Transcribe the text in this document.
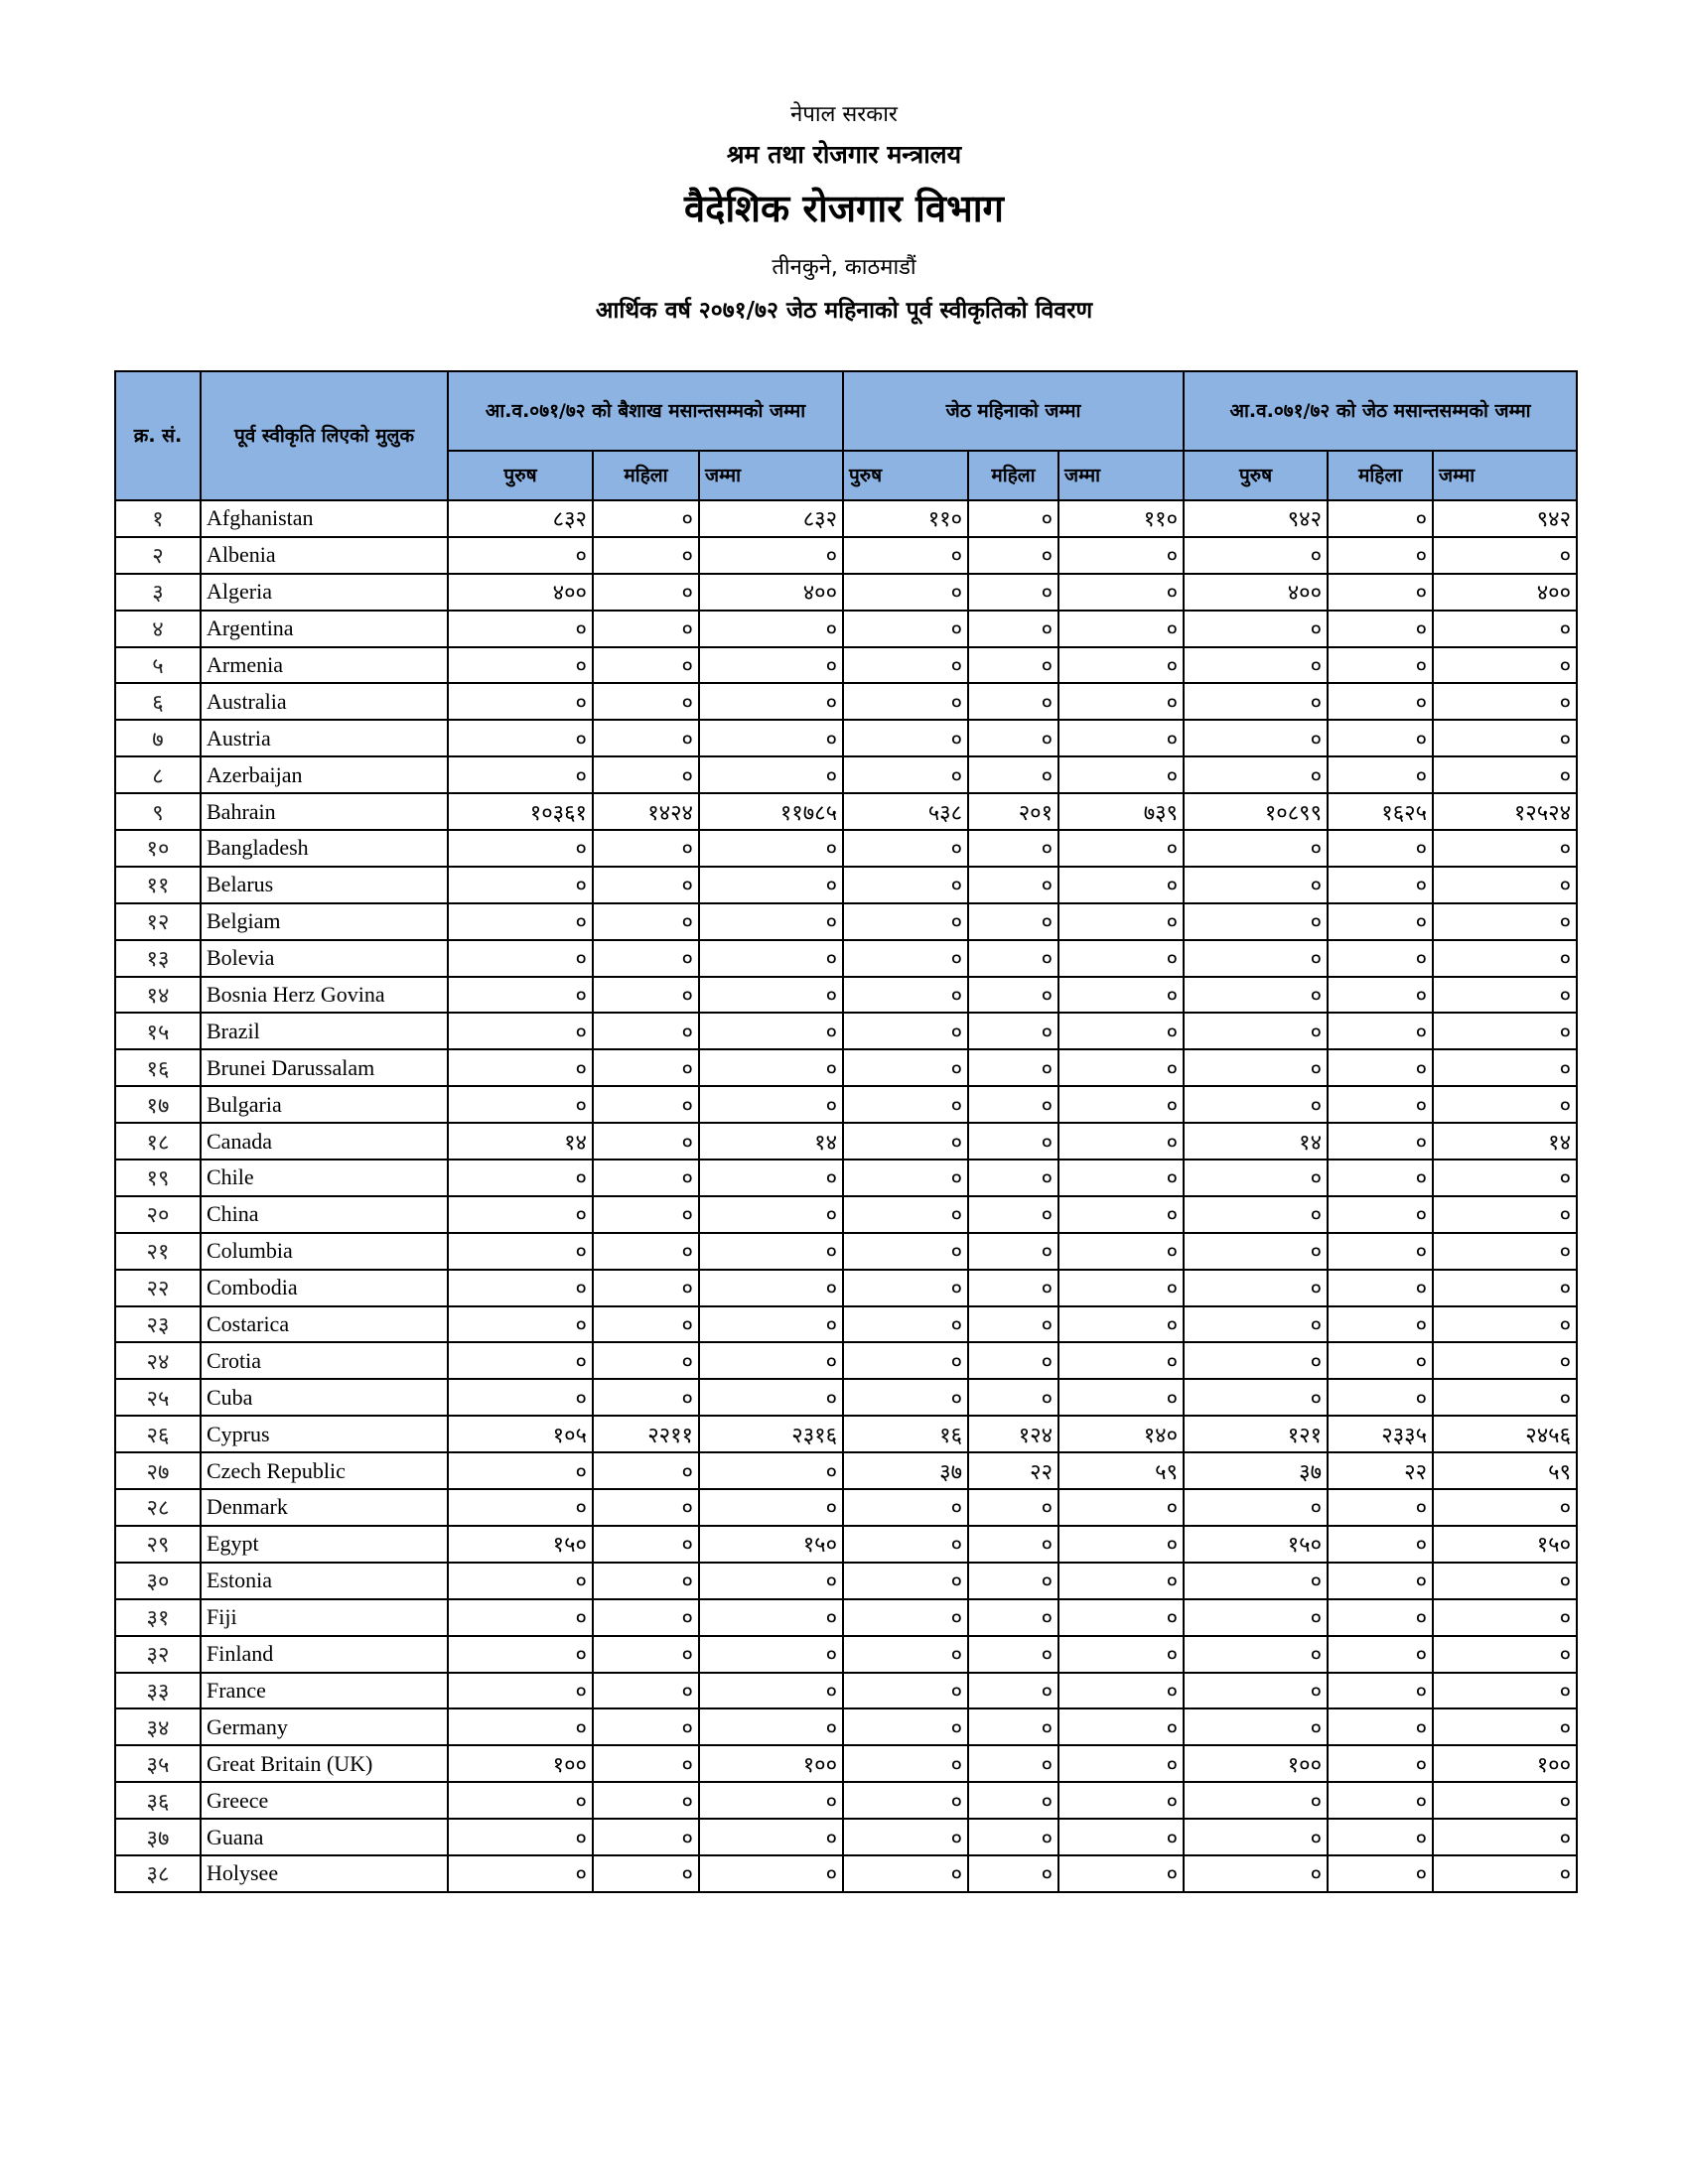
नेपाल सरकार
श्रम तथा रोजगार मन्त्रालय
वैदेशिक रोजगार विभाग
तीनकुने, काठमाडौं
आर्थिक वर्ष २०७१/७२ जेठ महिनाको पूर्व स्वीकृतिको विवरण
क्र. सं.	पूर्व स्वीकृति लिएको मुलुक	आ.व.०७१/७२ को बैशाख मसान्तसम्मको जम्मा			जेठ महिनाको जम्मा			आ.व.०७१/७२ को जेठ मसान्तसम्मको जम्मा		
		पुरुष	महिला	जम्मा	पुरुष	महिला	जम्मा	पुरुष	महिला	जम्मा
१	Afghanistan	८३२	०	८३२	११०	०	११०	९४२	०	९४२
२	Albenia	०	०	०	०	०	०	०	०	०
३	Algeria	४००	०	४००	०	०	०	४००	०	४००
४	Argentina	०	०	०	०	०	०	०	०	०
५	Armenia	०	०	०	०	०	०	०	०	०
६	Australia	०	०	०	०	०	०	०	०	०
७	Austria	०	०	०	०	०	०	०	०	०
८	Azerbaijan	०	०	०	०	०	०	०	०	०
९	Bahrain	१०३६१	१४२४	११७८५	५३८	२०१	७३९	१०८९९	१६२५	१२५२४
१०	Bangladesh	०	०	०	०	०	०	०	०	०
११	Belarus	०	०	०	०	०	०	०	०	०
१२	Belgiam	०	०	०	०	०	०	०	०	०
१३	Bolevia	०	०	०	०	०	०	०	०	०
१४	Bosnia Herz Govina	०	०	०	०	०	०	०	०	०
१५	Brazil	०	०	०	०	०	०	०	०	०
१६	Brunei Darussalam	०	०	०	०	०	०	०	०	०
१७	Bulgaria	०	०	०	०	०	०	०	०	०
१८	Canada	१४	०	१४	०	०	०	१४	०	१४
१९	Chile	०	०	०	०	०	०	०	०	०
२०	China	०	०	०	०	०	०	०	०	०
२१	Columbia	०	०	०	०	०	०	०	०	०
२२	Combodia	०	०	०	०	०	०	०	०	०
२३	Costarica	०	०	०	०	०	०	०	०	०
२४	Crotia	०	०	०	०	०	०	०	०	०
२५	Cuba	०	०	०	०	०	०	०	०	०
२६	Cyprus	१०५	२२११	२३१६	१६	१२४	१४०	१२१	२३३५	२४५६
२७	Czech Republic	०	०	०	३७	२२	५९	३७	२२	५९
२८	Denmark	०	०	०	०	०	०	०	०	०
२९	Egypt	१५०	०	१५०	०	०	०	१५०	०	१५०
३०	Estonia	०	०	०	०	०	०	०	०	०
३१	Fiji	०	०	०	०	०	०	०	०	०
३२	Finland	०	०	०	०	०	०	०	०	०
३३	France	०	०	०	०	०	०	०	०	०
३४	Germany	०	०	०	०	०	०	०	०	०
३५	Great Britain (UK)	१००	०	१००	०	०	०	१००	०	१००
३६	Greece	०	०	०	०	०	०	०	०	०
३७	Guana	०	०	०	०	०	०	०	०	०
३८	Holysee	०	०	०	०	०	०	०	०	०
